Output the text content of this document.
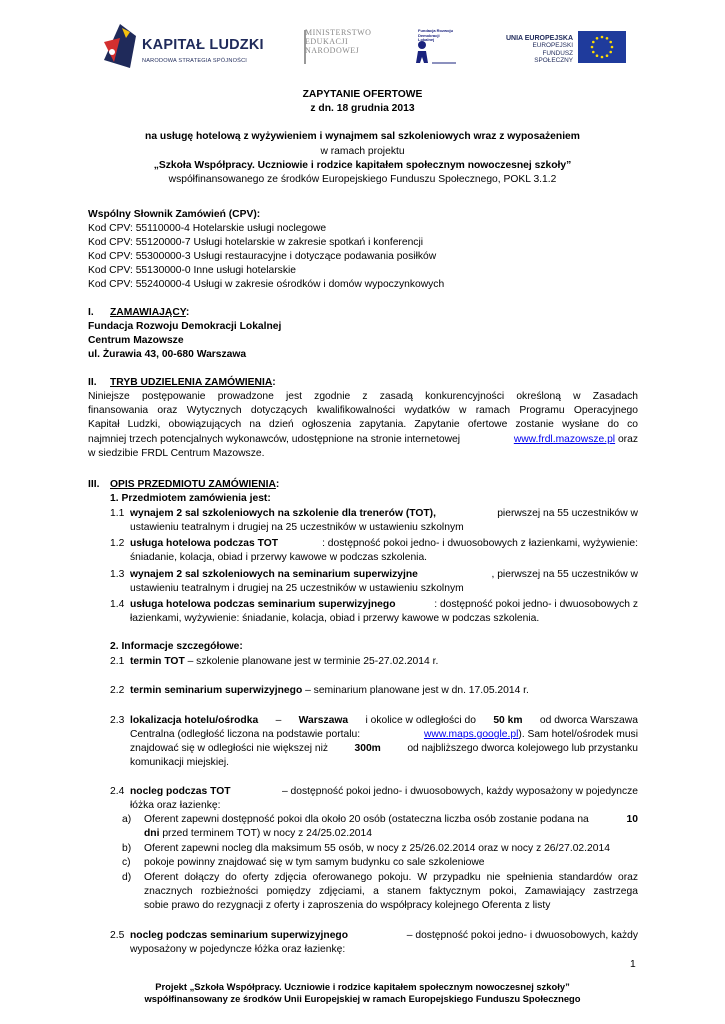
KAPITAŁ LUDZKI
NARODOWA STRATEGIA SPÓJNOŚCI
MINISTERSTWO
EDUKACJI
NARODOWEJ
Fundacja Rozwoju Demokracji Lokalnej	UNIA EUROPEJSKA
EUROPEJSKI
FUNDUSZ SPOŁECZNY
ZAPYTANIE OFERTOWE
z dn. 18 grudnia 2013
na usługę hotelową z wyżywieniem i wynajmem sal szkoleniowych wraz z wyposażeniem
w ramach projektu
„Szkoła Współpracy. Uczniowie i rodzice kapitałem społecznym nowoczesnej szkoły”
współfinansowanego ze środków Europejskiego Funduszu Społecznego, POKL 3.1.2
Wspólny Słownik Zamówień (CPV):
Kod CPV: 55110000-4 Hotelarskie usługi noclegowe
Kod CPV: 55120000-7 Usługi hotelarskie w zakresie spotkań i konferencji
Kod CPV: 55300000-3 Usługi restauracyjne i dotyczące podawania posiłków
Kod CPV: 55130000-0 Inne usługi hotelarskie
Kod CPV: 55240000-4 Usługi w zakresie ośrodków i domów wypoczynkowych
I. ZAMAWIAJĄCY:
Fundacja Rozwoju Demokracji Lokalnej
Centrum Mazowsze
ul. Żurawia 43, 00-680 Warszawa
II. TRYB UDZIELENIA ZAMÓWIENIA:
Niniejsze postępowanie prowadzone jest zgodnie z zasadą konkurencyjności określoną w Zasadach
finansowania oraz Wytycznych dotyczących kwalifikowalności wydatków w ramach Programu Operacyjnego
Kapitał Ludzki, obowiązujących na dzień ogłoszenia zapytania. Zapytanie ofertowe zostanie wysłane do co
najmniej trzech potencjalnych wykonawców, udostępnione na stronie internetowej	www.frdl.mazowsze.pl oraz
w siedzibie FRDL Centrum Mazowsze.
III. OPIS PRZEDMIOTU ZAMÓWIENIA:
1. Przedmiotem zamówienia jest:
1.1 wynajem 2 sal szkoleniowych na szkolenie dla trenerów (TOT),	pierwszej na 55 uczestników w
ustawieniu teatralnym i drugiej na 25 uczestników w ustawieniu szkolnym
1.2 usługa hotelowa podczas TOT	: dostępność pokoi jedno- i dwuosobowych z łazienkami, wyżywienie:
śniadanie, kolacja, obiad i przerwy kawowe w podczas szkolenia.
1.3 wynajem 2 sal szkoleniowych na seminarium superwizyjne	, pierwszej na 55 uczestników w
ustawieniu teatralnym i drugiej na 25 uczestników w ustawieniu szkolnym
1.4 usługa hotelowa podczas seminarium superwizyjnego	: dostępność pokoi jedno- i dwuosobowych z
łazienkami, wyżywienie: śniadanie, kolacja, obiad i przerwy kawowe w podczas szkolenia.
2. Informacje szczegółowe:
2.1 termin TOT – szkolenie planowane jest w terminie 25-27.02.2014 r.
2.2 termin seminarium superwizyjnego – seminarium planowane jest w dn. 17.05.2014 r.
2.3 lokalizacja hotelu/ośrodka – Warszawa i okolice w odległości do 50 km od dworca Warszawa
Centralna (odległość liczona na podstawie portalu:	www.maps.google.pl). Sam hotel/ośrodek musi
znajdować się w odległości nie większej niż	300m	od najbliższego dworca kolejowego lub przystanku
komunikacji miejskiej.
2.4 nocleg podczas TOT	– dostępność pokoi jedno- i dwuosobowych, każdy wyposażony w pojedyncze
łóżka oraz łazienkę:
a) Oferent zapewni dostępność pokoi dla około 20 osób (ostateczna liczba osób zostanie podana na	10
dni przed terminem TOT) w nocy z 24/25.02.2014
b) Oferent zapewni nocleg dla maksimum 55 osób, w nocy z 25/26.02.2014 oraz w nocy z 26/27.02.2014
c) pokoje powinny znajdować się w tym samym budynku co sale szkoleniowe
d) Oferent dołączy do oferty zdjęcia oferowanego pokoju. W przypadku nie spełnienia standardów oraz
znacznych rozbieżności pomiędzy zdjęciami, a stanem faktycznym pokoi, Zamawiający zastrzega
sobie prawo do rezygnacji z oferty i zaproszenia do współpracy kolejnego Oferenta z listy
2.5 nocleg podczas seminarium superwizyjnego	– dostępność pokoi jedno- i dwuosobowych, każdy
wyposażony w pojedyncze łóżka oraz łazienkę:
1
Projekt „Szkoła Współpracy. Uczniowie i rodzice kapitałem społecznym nowoczesnej szkoły”
współfinansowany ze środków Unii Europejskiej w ramach Europejskiego Funduszu Społecznego
